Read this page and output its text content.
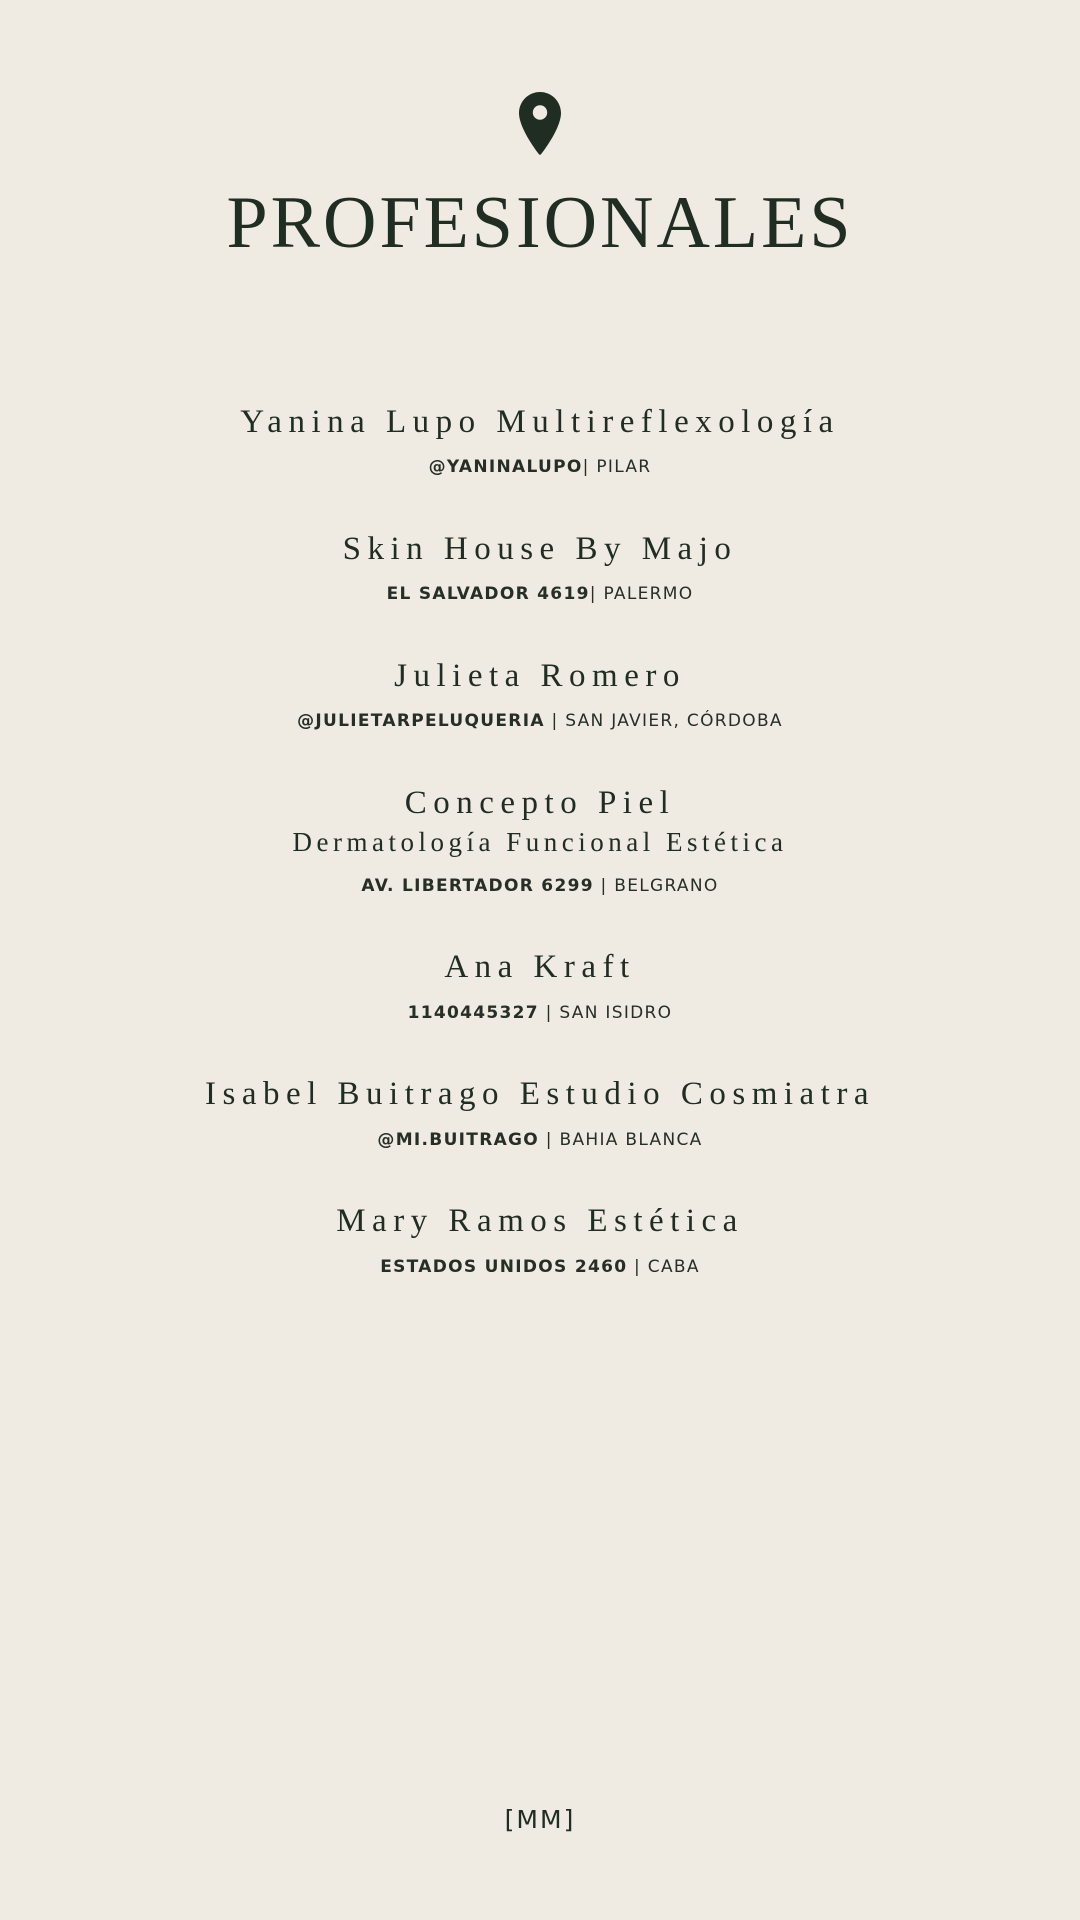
PROFESIONALES
Yanina Lupo Multireflexología
@YANINALUPO| PILAR
Skin House By Majo
EL SALVADOR 4619| PALERMO
Julieta Romero
@JULIETARPELUQUERIA | SAN JAVIER, CÓRDOBA
Concepto Piel
Dermatología Funcional Estética
AV. LIBERTADOR 6299 | BELGRANO
Ana Kraft
1140445327 | SAN ISIDRO
Isabel Buitrago Estudio Cosmiatra
@MI.BUITRAGO | BAHIA BLANCA
Mary Ramos Estética
ESTADOS UNIDOS 2460 | CABA
[MM]
